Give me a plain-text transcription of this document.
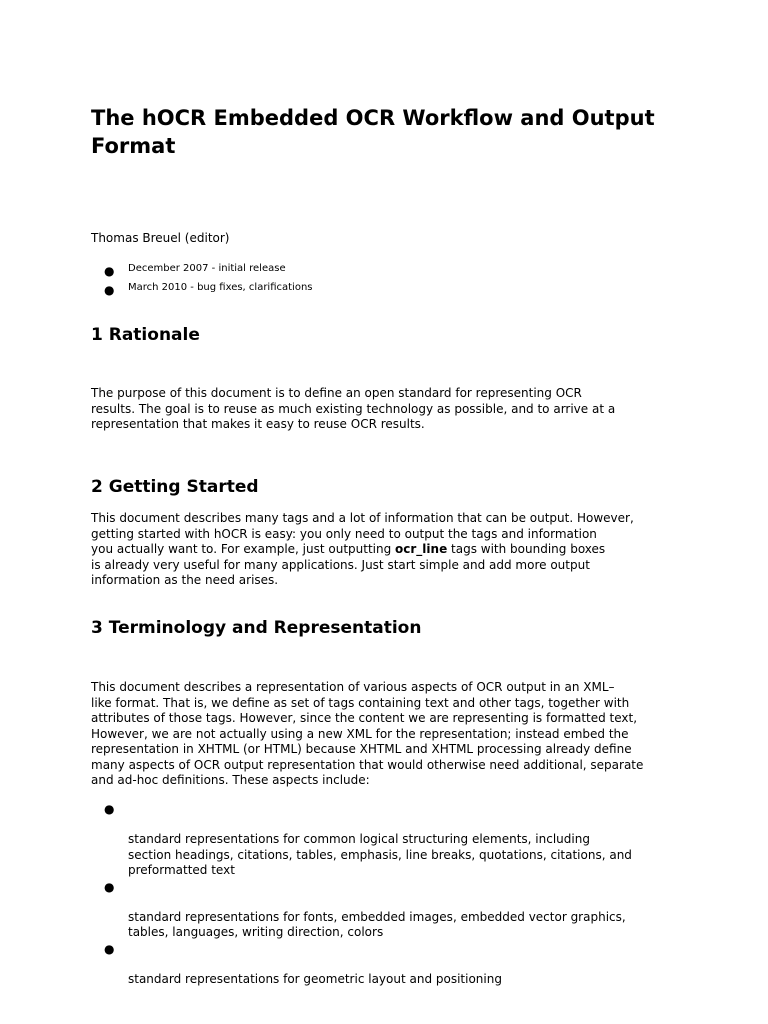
The hOCR Embedded OCR Workflow and Output Format

Thomas Breuel (editor)

● December 2007 - initial release
● March 2010 - bug fixes, clarifications
1 Rationale

The purpose of this document is to define an open standard for representing OCR
results. The goal is to reuse as much existing technology as possible, and to arrive at a
representation that makes it easy to reuse OCR results.

2 Getting Started

This document describes many tags and a lot of information that can be output. However,
getting started with hOCR is easy: you only need to output the tags and information
you actually want to. For example, just outputting ocr_line tags with bounding boxes
is already very useful for many applications. Just start simple and add more output
information as the need arises.

3 Terminology and Representation

This document describes a representation of various aspects of OCR output in an XML–
like format. That is, we define as set of tags containing text and other tags, together with
attributes of those tags. However, since the content we are representing is formatted text,
However, we are not actually using a new XML for the representation; instead embed the
representation in XHTML (or HTML) because XHTML and XHTML processing already define
many aspects of OCR output representation that would otherwise need additional, separate
and ad-hoc definitions. These aspects include:

●

standard representations for common logical structuring elements, including
section headings, citations, tables, emphasis, line breaks, quotations, citations, and
preformatted text

●

standard representations for fonts, embedded images, embedded vector graphics,
tables, languages, writing direction, colors

●

standard representations for geometric layout and positioning
